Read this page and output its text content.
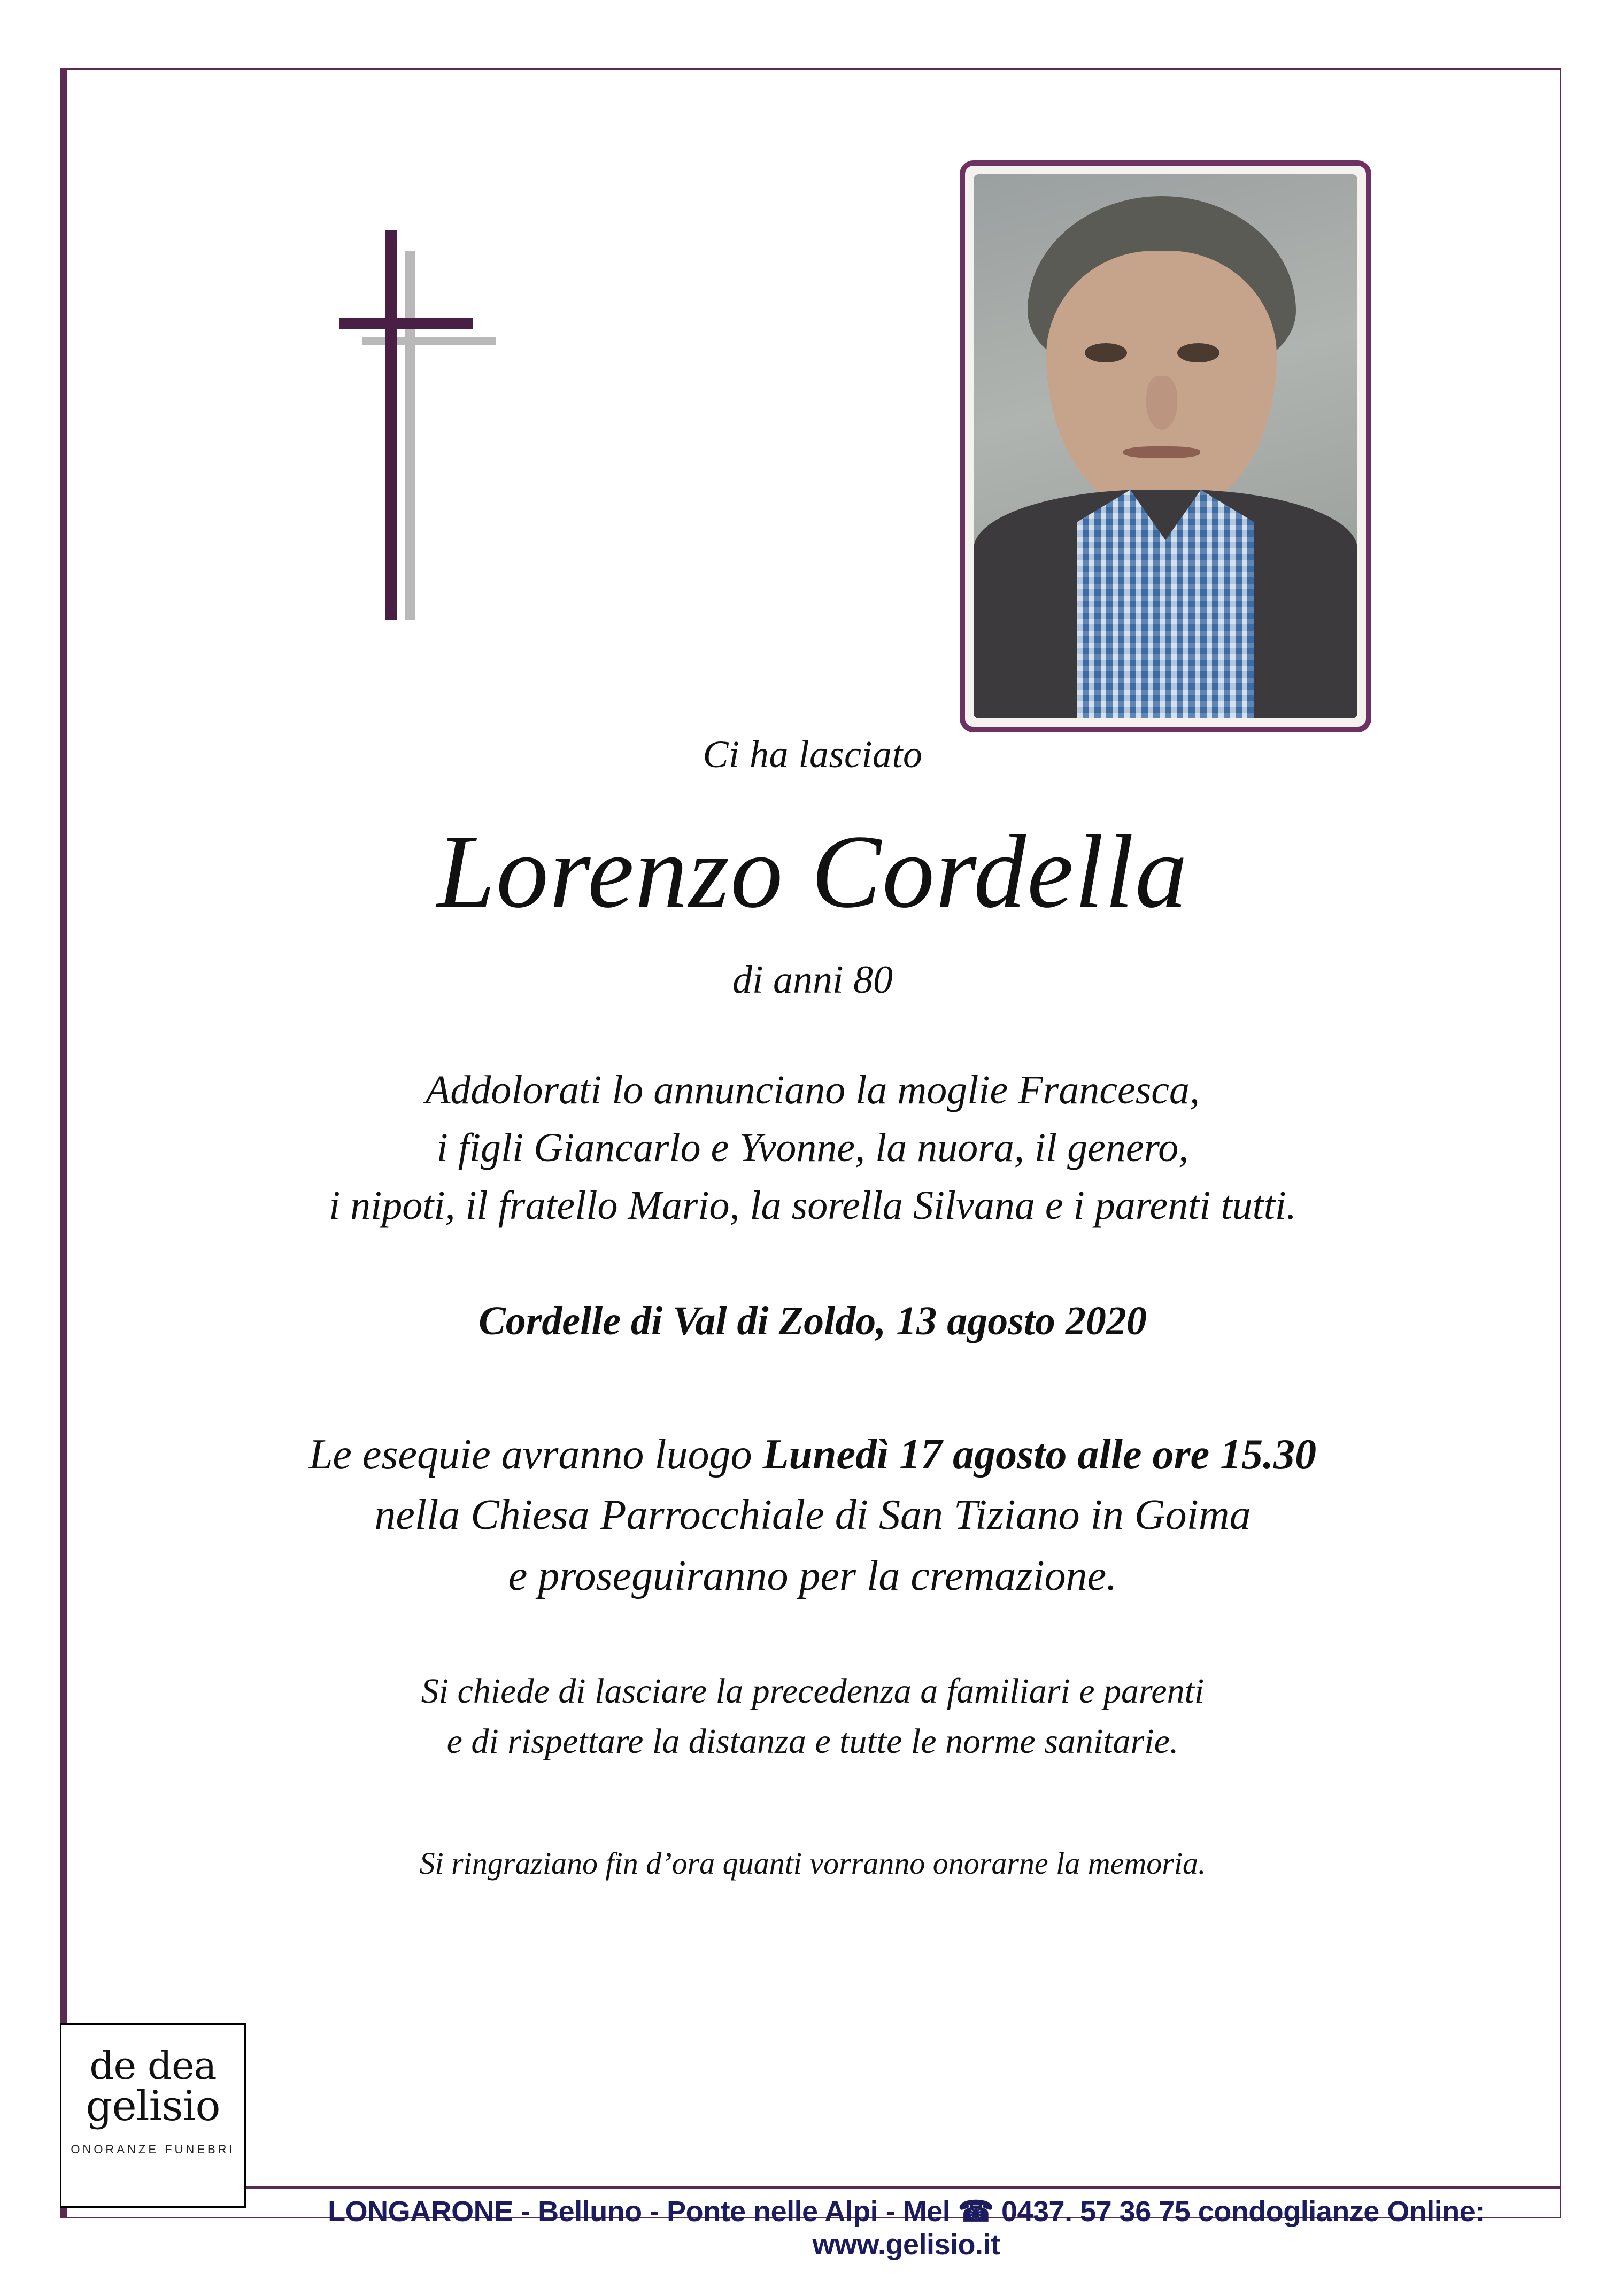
Ci ha lasciato
Lorenzo Cordella
di anni 80
Addolorati lo annunciano la moglie Francesca,
i figli Giancarlo e Yvonne, la nuora, il genero,
i nipoti, il fratello Mario, la sorella Silvana e i parenti tutti.
Cordelle di Val di Zoldo, 13 agosto 2020
Le esequie avranno luogo Lunedì 17 agosto alle ore 15.30
nella Chiesa Parrocchiale di San Tiziano in Goima
e proseguiranno per la cremazione.
Si chiede di lasciare la precedenza a familiari e parenti
e di rispettare la distanza e tutte le norme sanitarie.
Si ringraziano fin d’ora quanti vorranno onorarne la memoria.
de dea
gelisio
ONORANZE FUNEBRI
LONGARONE - Belluno - Ponte nelle Alpi - Mel ☎ 0437. 57 36 75 condoglianze Online: www.gelisio.it
